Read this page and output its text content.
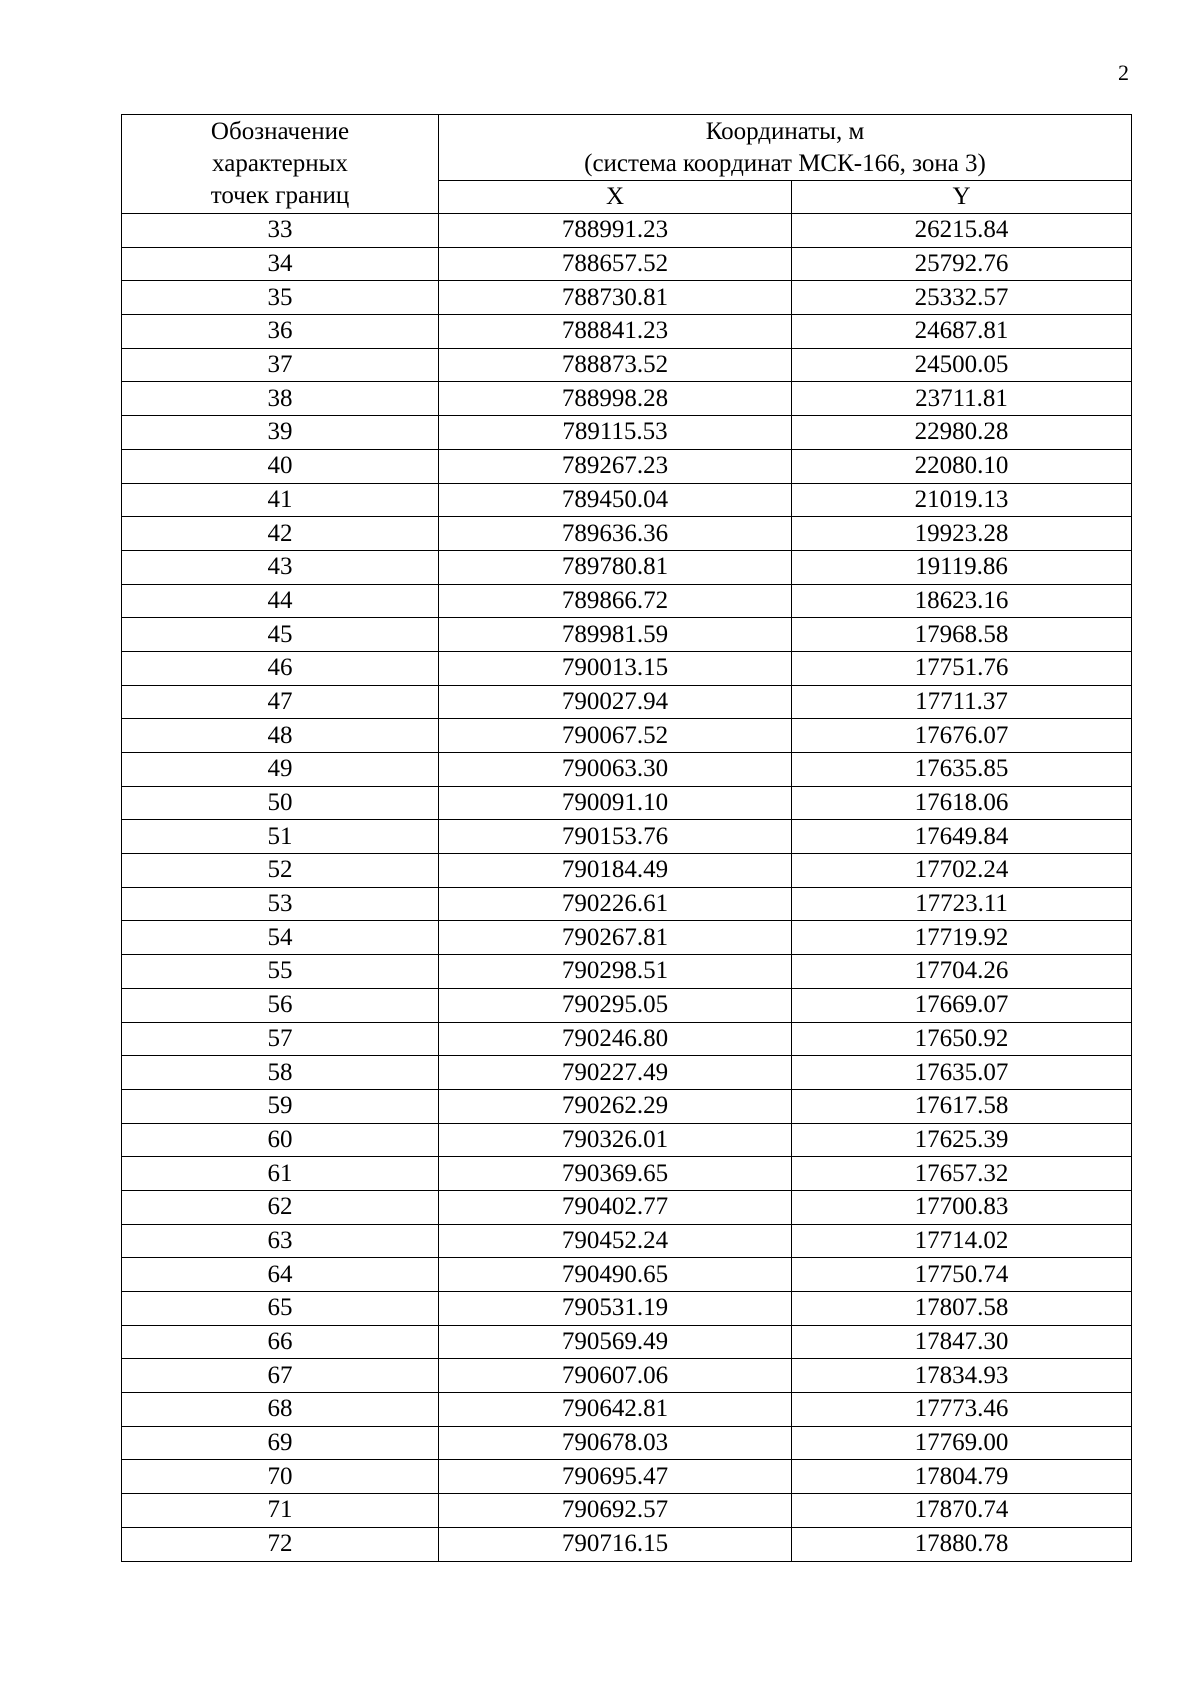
2
Обозначение
характерных
точек границ	Координаты, м
(система координат МСК-166, зона 3)	

	X	Y
33	788991.23	26215.84
34	788657.52	25792.76
35	788730.81	25332.57
36	788841.23	24687.81
37	788873.52	24500.05
38	788998.28	23711.81
39	789115.53	22980.28
40	789267.23	22080.10
41	789450.04	21019.13
42	789636.36	19923.28
43	789780.81	19119.86
44	789866.72	18623.16
45	789981.59	17968.58
46	790013.15	17751.76
47	790027.94	17711.37
48	790067.52	17676.07
49	790063.30	17635.85
50	790091.10	17618.06
51	790153.76	17649.84
52	790184.49	17702.24
53	790226.61	17723.11
54	790267.81	17719.92
55	790298.51	17704.26
56	790295.05	17669.07
57	790246.80	17650.92
58	790227.49	17635.07
59	790262.29	17617.58
60	790326.01	17625.39
61	790369.65	17657.32
62	790402.77	17700.83
63	790452.24	17714.02
64	790490.65	17750.74
65	790531.19	17807.58
66	790569.49	17847.30
67	790607.06	17834.93
68	790642.81	17773.46
69	790678.03	17769.00
70	790695.47	17804.79
71	790692.57	17870.74
72	790716.15	17880.78
